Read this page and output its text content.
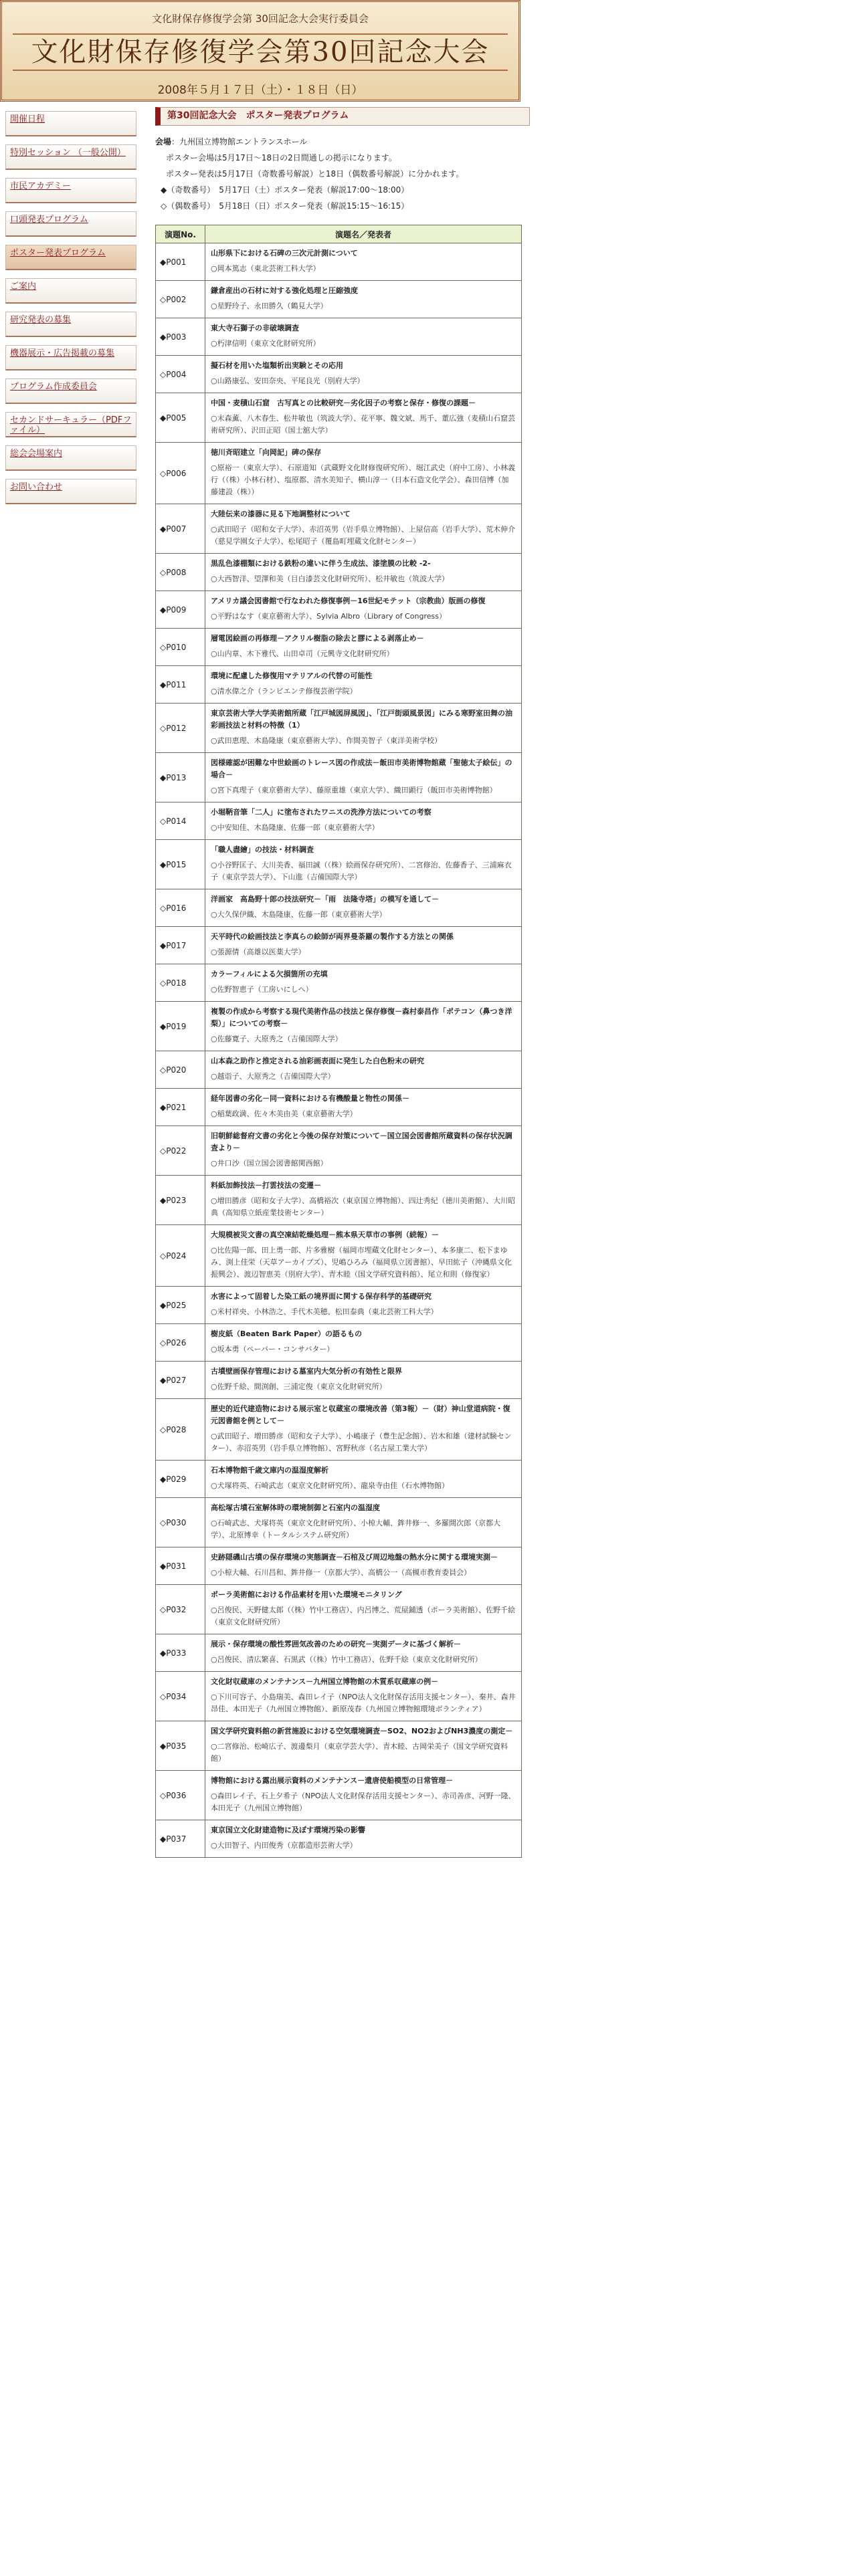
文化財保存修復学会第 30回記念大会実行委員会
文化財保存修復学会第30回記念大会
2008年５月１７日（土）・１８日（日）
開催日程
特別セッション （一般公開）
市民アカデミー
口頭発表プログラム
ポスター発表プログラム
ご案内
研究発表の募集
機器展示・広告掲載の募集
プログラム作成委員会
セカンドサーキュラー（PDFファイル）
総会会場案内
お問い合わせ
第30回記念大会　ポスター発表プログラム

会場：九州国立博物館エントランスホール

ポスター会場は5月17日～18日の2日間通しの掲示になります。

ポスター発表は5月17日（奇数番号解説）と18日（偶数番号解説）に分かれます。

◆（奇数番号）　5月17日（土）ポスター発表（解説17:00～18:00）

◇（偶数番号）　5月18日（日）ポスター発表（解説15:15～16:15）

演題No.	演題名／発表者
◆P001	山形県下における石碑の三次元計測について
○岡本篤志（東北芸術工科大学）

◇P002	鎌倉産出の石材に対する強化処理と圧縮強度
○星野玲子、永田勝久（鶴見大学）

◆P003	東大寺石獅子の非破壊調査
○朽津信明（東京文化財研究所）

◇P004	擬石材を用いた塩類析出実験とその応用
○山路康弘、安田奈央、平尾良光（別府大学）

◆P005	中国・麦積山石窟　古写真との比較研究－劣化因子の考察と保存・修復の課題－
○末森薫、八木春生、松井敏也（筑波大学）、花平寧、魏文斌、馬千、董広強（麦積山石窟芸術研究所）、沢田正昭（国士舘大学）

◇P006	徳川斉昭建立「向岡記」碑の保存
○原裕一（東京大学）、石原道知（武蔵野文化財修復研究所）、堀江武史（府中工房）、小林義行（（株）小林石材）、塩原都、清水美知子、横山淳一（日本石造文化学会）、森田信博（加藤建設（株））

◆P007	大陸伝来の漆器に見る下地調整材について
○武田昭子（昭和女子大学）、赤沼英男（岩手県立博物館）、上屋信高（岩手大学）、荒木伸介（慈見学園女子大学）、松尾昭子（覆島町埋蔵文化財センター）

◇P008	黒乱色漆棚類における鉄粉の違いに伴う生成法、漆塗膜の比較 -2-
○大西智洋、望澤和美（目白漆芸文化財研究所）、松井敏也（筑波大学）

◆P009	アメリカ議会図書館で行なわれた修復事例－16世紀モテット（宗教曲）版画の修復
○平野はなす（東京藝術大学）、Sylvia Albro（Library of Congress）

◇P010	層電図絵画の再修理－アクリル樹脂の除去と膠による剥落止め－
○山内章、木下雅代、山田卓司（元興寺文化財研究所）

◆P011	環境に配慮した修復用マテリアルの代替の可能性
○清水偉之介（ランビエンテ修復芸術学院）

◇P012	東京芸術大学大学美術館所蔵「江戸城図屏風図」、「江戸街頭風景図」にみる寒野室田舞の油彩画技法と材料の特徴（1）
○武田恵理、木島隆康（東京藝術大学）、作間美智子（東洋美術学校）

◆P013	図様確認が困難な中世絵画のトレース図の作成法－飯田市美術博物館蔵「聖徳太子絵伝」の場合－
○宮下真理子（東京藝術大学）、藤原重雄（東京大学）、織田顕行（飯田市美術博物館）

◇P014	小堀鞆音筆「二人」に塗布されたワニスの洗浄方法についての考察
○中安知佳、木島隆康、佐藤一郎（東京藝術大学）

◆P015	「職人盡繪」の技法・材料調査
○小谷野匡子、大川美香、福田誠（（株）絵画保存研究所）、二宮修治、佐藤香子、三浦麻衣子（東京学芸大学）、下山進（吉備国際大学）

◇P016	洋画家　高島野十郎の技法研究－「雨　法隆寺塔」の模写を通して－
○大久保伊織、木島隆康、佐藤一郎（東京藝術大学）

◆P017	天平時代の絵画技法と李真らの絵師が両界曼荼羅の製作する方法との関係
○張源倩（高雄以医薬大学）

◇P018	カラーフィルによる欠損箇所の充填
○佐野智恵子（工房いにしへ）

◆P019	複製の作成から考察する現代美術作品の技法と保存修復－森村泰昌作「ポテコン（鼻つき洋梨）」についての考察－
○佐藤寛子、大原秀之（吉備国際大学）

◇P020	山本森之助作と推定される油彩画表面に発生した白色粉末の研究
○越诣子、大原秀之（吉備国際大学）

◆P021	経年図書の劣化－同一資料における有機酸量と物性の関係－
○稲葉政満、佐々木美由美（東京藝術大学）

◇P022	旧朝鮮総督府文書の劣化と今後の保存対策について－国立国会図書館所蔵資料の保存状況調査より－
○井口沙（国立国会図書館関西館）

◆P023	料紙加飾技法－打雲技法の変遷－
○増田勝彦（昭和女子大学）、高橋裕次（東京国立博物館）、四辻秀紀（徳川美術館）、大川昭典（高知県立紙産業技術センター）

◇P024	大規模被災文書の真空凍結乾燥処理－熊本県天草市の事例（続報）－
○比佐陽一郎、田上勇一郎、片多雅樹（福岡市埋蔵文化財センター）、本多康二、松下まゆみ、渕上佳栄（天草アーカイブズ）、児嶋ひろみ（福岡県立図書館）、早田紘子（沖縄県文化振興会）、渡辺智恵美（別府大学）、青木睦（国文学研究資料館）、尾立和則（修復家）

◆P025	水害によって固着した染工紙の境界面に関する保存科学的基礎研究
○米村祥央、小林浩之、手代木美穂、松田泰典（東北芸術工科大学）

◇P026	樹皮紙（Beaten Bark Paper）の語るもの
○坂本勇（ペーパー・コンサバター）

◆P027	古墳壁画保存管理における墓室内大気分析の有効性と限界
○佐野千絵、間渕創、三浦定俊（東京文化財研究所）

◇P028	歴史的近代建造物における展示室と収蔵室の環境改善（第3報）－（財）神山堂道病院・復元図書館を例として－
○武田昭子、増田勝彦（昭和女子大学）、小嶋康子（豊生記念館）、岩木和雄（建材試験センター）、赤沼英男（岩手県立博物館）、宮野秋彦（名古屋工業大学）

◆P029	石本博物館千歳文庫内の温湿度解析
○犬塚将英、石崎武志（東京文化財研究所）、龍泉寺由佳（石水博物館）

◇P030	高松塚古墳石室解体時の環境制御と石室内の温湿度
○石崎武志、犬塚将英（東京文化財研究所）、小椋大輔、鉾井修一、多羅間次郎（京都大学）、北原博幸（トータルシステム研究所）

◆P031	史跡隠磯山古墳の保存環境の実態調査－石棺及び周辺地盤の熱水分に関する環境実測－
○小椋大輔、石川昌和、鉾井修一（京都大学）、高橋公一（高槻市教育委員会）

◇P032	ポーラ美術館における作品素材を用いた環境モニタリング
○呂俊民、天野健太郎（（株）竹中工務店）、内呂博之、荒屋鋪透（ポーラ美術館）、佐野千絵（東京文化財研究所）

◆P033	展示・保存環境の酸性雰囲気改善のための研究－実測データに基づく解析－
○呂俊民、清広繁喜、石黒武（（株）竹中工務店）、佐野千絵（東京文化財研究所）

◇P034	文化財収蔵庫のメンテナンス－九州国立博物館の木質系収蔵庫の例－
○下川可容子、小島瑞美、森田レイ子（NPO法人文化財保存活用支援センター）、秦井、森井昂佳、本田光子（九州国立博物館）、新原茂春（九州国立博物館環境ボランティア）

◆P035	国文学研究資料館の新営施設における空気環境調査－SO2、NO2およびNH3濃度の測定－
○二宮修治、松崎広子、渡邊梨月（東京学芸大学）、青木睦、古岡栄美子（国文学研究資料館）

◇P036	博物館における露出展示資料のメンテナンス－遺唐使船模型の日常管理－
○森田レイ子、石上夕希子（NPO法人文化財保存活用支援センター）、赤司善彦、河野一隆、本田光子（九州国立博物館）

◆P037	東京国立文化財建造物に及ぼす環境汚染の影響
○大田智子、内田俊秀（京都造形芸術大学）
